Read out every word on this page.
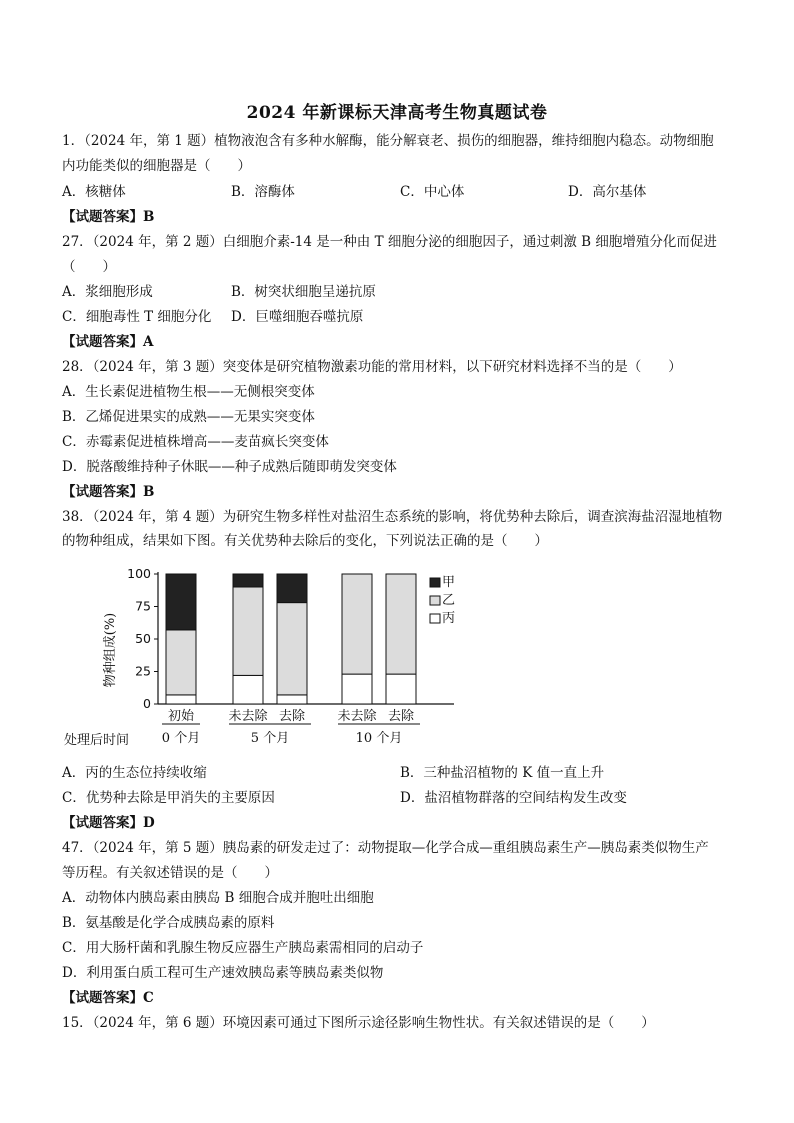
2024 年新课标天津高考生物真题试卷
1．（2024 年，第 1 题）植物液泡含有多种水解酶，能分解衰老、损伤的细胞器，维持细胞内稳态。动物细胞
内功能类似的细胞器是（　　）
A．核糖体	B．溶酶体	C．中心体	D．高尔基体
【试题答案】B
27．（2024 年，第 2 题）白细胞介素-14 是一种由 T 细胞分泌的细胞因子，通过刺激 B 细胞增殖分化而促进
（　　）
A．浆细胞形成	B．树突状细胞呈递抗原
C．细胞毒性 T 细胞分化 D．巨噬细胞吞噬抗原
【试题答案】A
28．（2024 年，第 3 题）突变体是研究植物激素功能的常用材料，以下研究材料选择不当的是（　　）
A．生长素促进植物生根——无侧根突变体
B．乙烯促进果实的成熟——无果实突变体
C．赤霉素促进植株增高——麦苗疯长突变体
D．脱落酸维持种子休眠——种子成熟后随即萌发突变体
【试题答案】B
38．（2024 年，第 4 题）为研究生物多样性对盐沼生态系统的影响，将优势种去除后，调查滨海盐沼湿地植物
的物种组成，结果如下图。有关优势种去除后的变化，下列说法正确的是（　　）
物种组成(%)
0
25
50
75
100
0 个月	5 个月	10 个月
初始	未去除 去除 未去除 去除
甲
乙
丙
处理后时间
A．丙的生态位持续收缩	B．三种盐沼植物的 K 值一直上升
C．优势种去除是甲消失的主要原因	D．盐沼植物群落的空间结构发生改变
【试题答案】D
47．（2024 年，第 5 题）胰岛素的研发走过了：动物提取—化学合成—重组胰岛素生产—胰岛素类似物生产
等历程。有关叙述错误的是（　　）
A．动物体内胰岛素由胰岛 B 细胞合成并胞吐出细胞
B．氨基酸是化学合成胰岛素的原料
C．用大肠杆菌和乳腺生物反应器生产胰岛素需相同的启动子
D．利用蛋白质工程可生产速效胰岛素等胰岛素类似物
【试题答案】C
15．（2024 年，第 6 题）环境因素可通过下图所示途径影响生物性状。有关叙述错误的是（　　）
